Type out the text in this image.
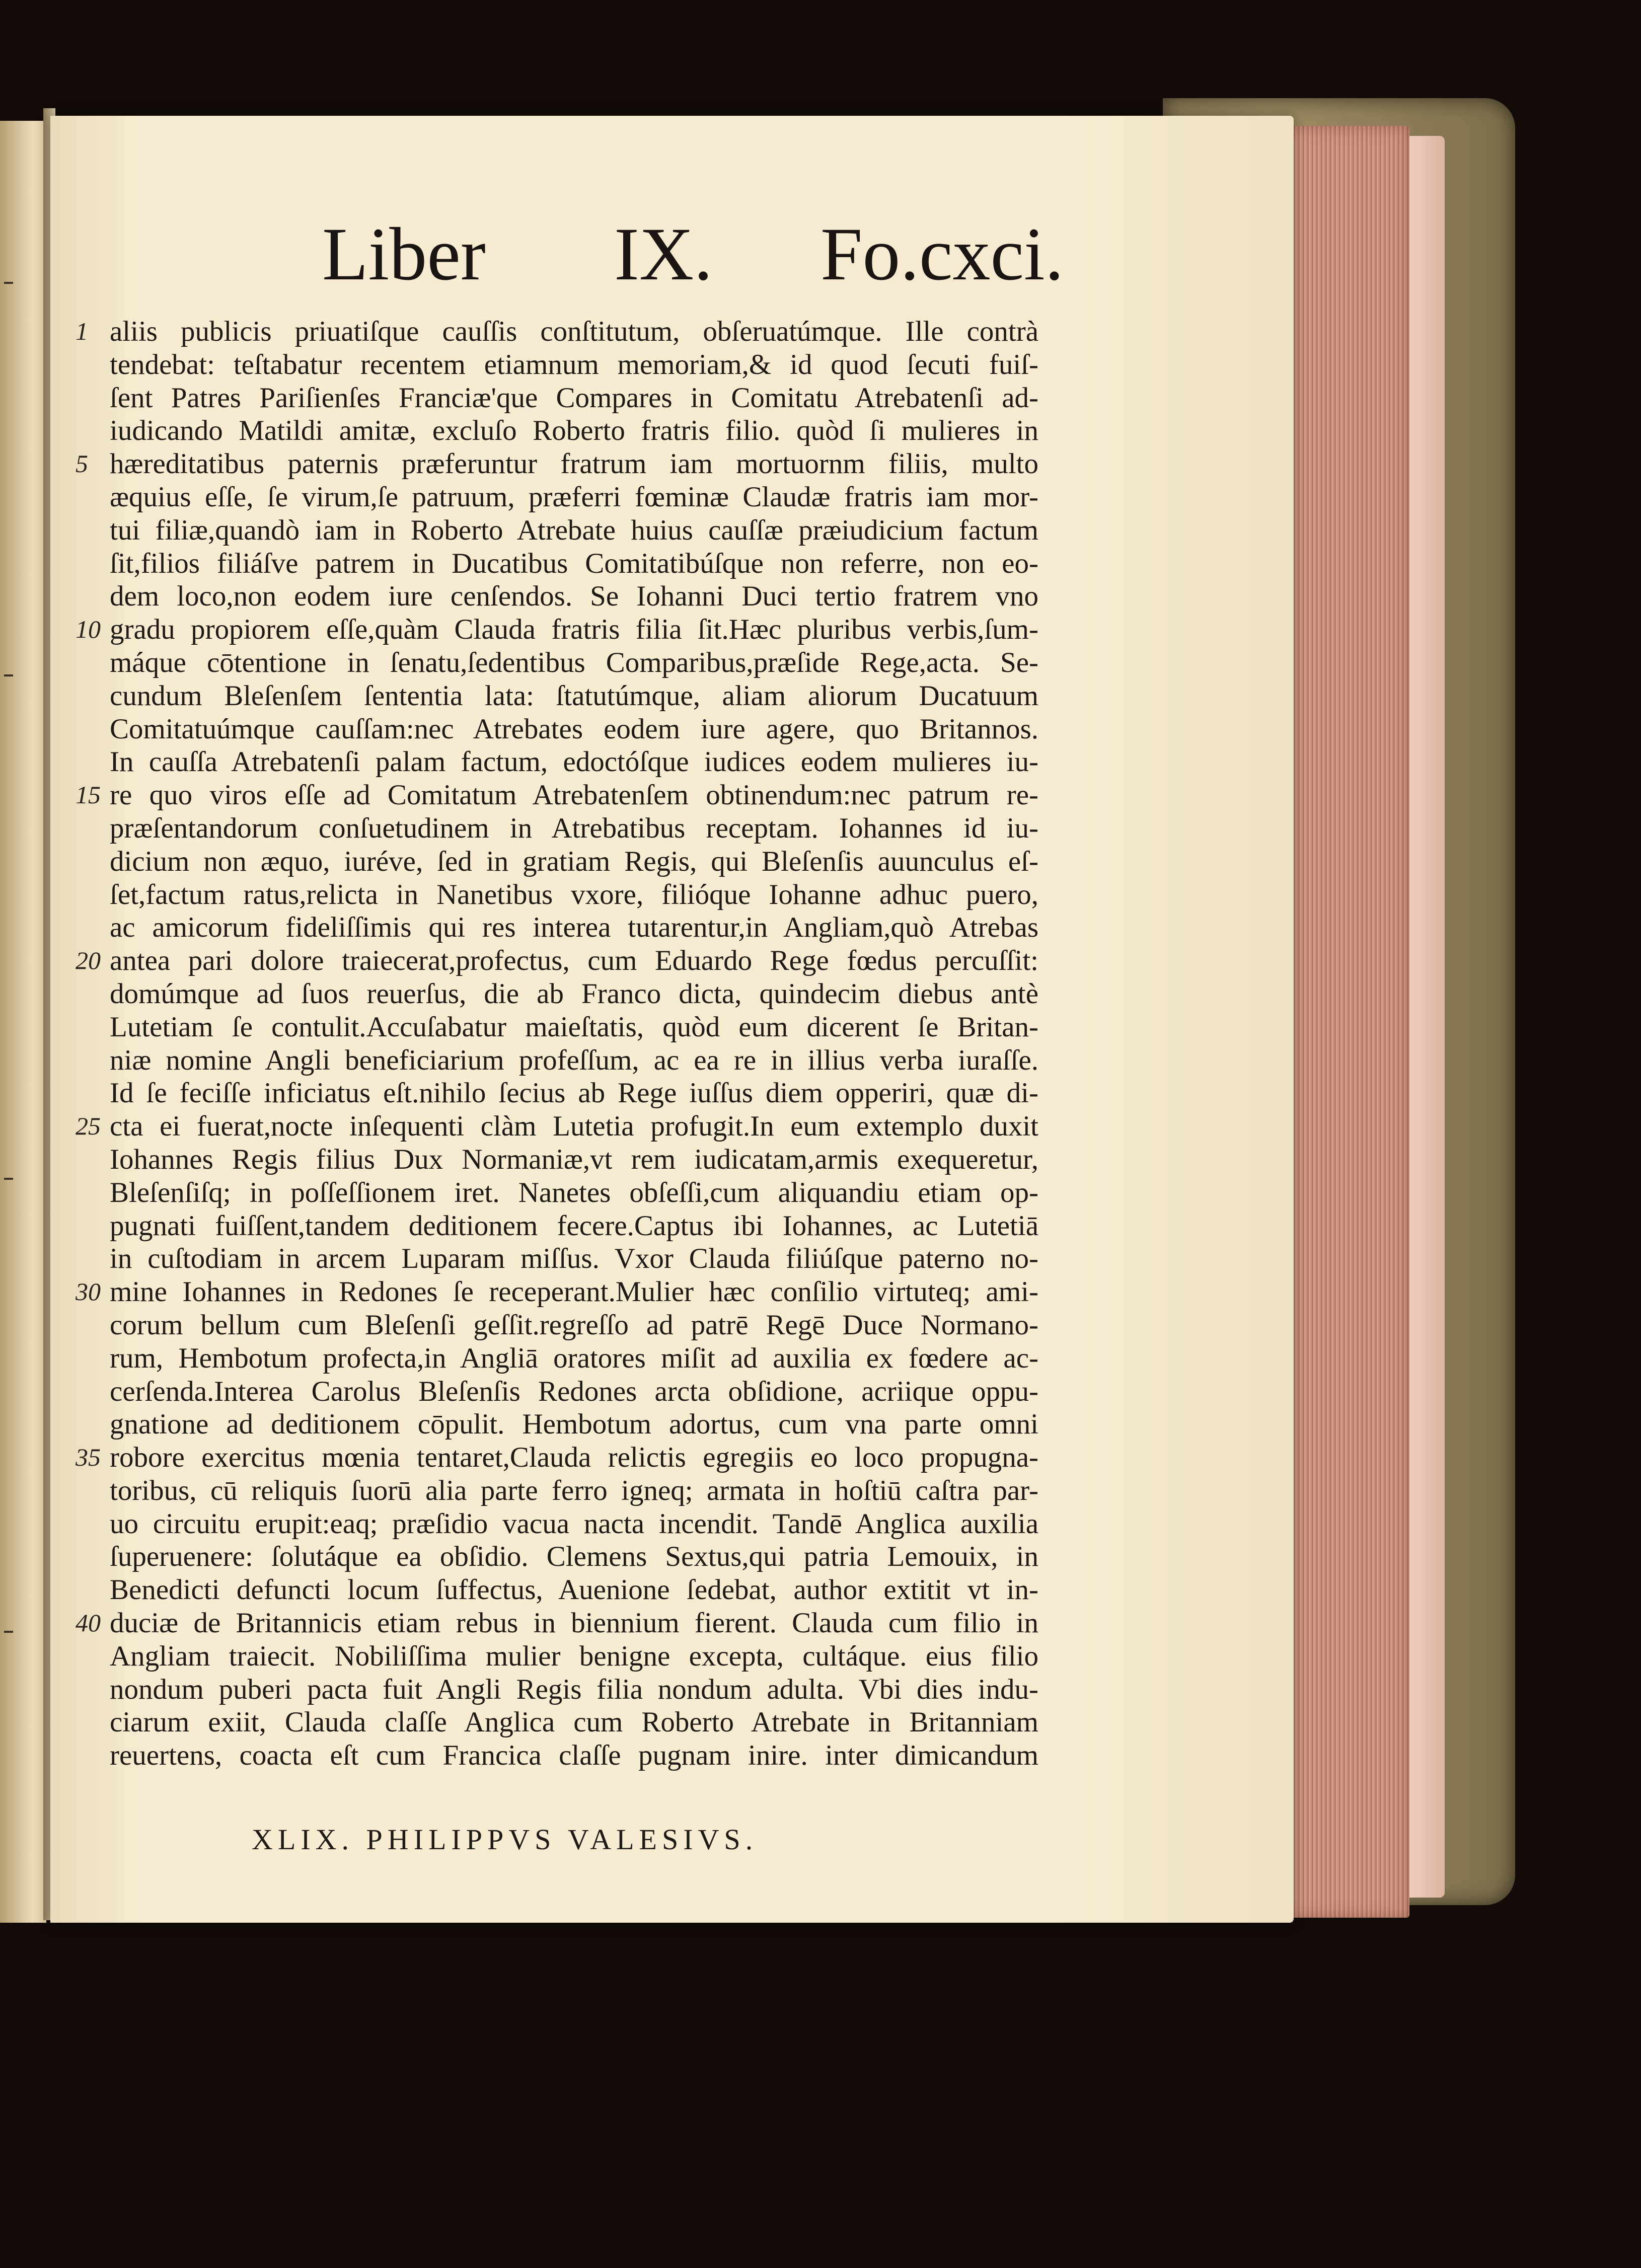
Liber IX. Fo.cxci.
1
5
10
15
20
25
30
35
40
aliis publicis priuatiſque cauſſis conſtitutum, obſeruatúmque. Ille contrà
tendebat: teſtabatur recentem etiamnum memoriam,& id quod ſecuti fuiſ-
ſent Patres Pariſienſes Franciæ'que Compares in Comitatu Atrebatenſi ad-
iudicando Matildi amitæ, excluſo Roberto fratris filio. quòd ſi mulieres in
hæreditatibus paternis præferuntur fratrum iam mortuornm filiis, multo
æquius eſſe, ſe virum,ſe patruum, præferri fœminæ Claudæ fratris iam mor-
tui filiæ,quandò iam in Roberto Atrebate huius cauſſæ præiudicium factum
ſit,filios filiáſve patrem in Ducatibus Comitatibúſque non referre, non eo-
dem loco,non eodem iure cenſendos. Se Iohanni Duci tertio fratrem vno
gradu propiorem eſſe,quàm Clauda fratris filia ſit.Hæc pluribus verbis,ſum-
máque cōtentione in ſenatu,ſedentibus Comparibus,præſide Rege,acta. Se-
cundum Bleſenſem ſententia lata: ſtatutúmque, aliam aliorum Ducatuum
Comitatuúmque cauſſam:nec Atrebates eodem iure agere, quo Britannos.
In cauſſa Atrebatenſi palam factum, edoctóſque iudices eodem mulieres iu-
re quo viros eſſe ad Comitatum Atrebatenſem obtinendum:nec patrum re-
præſentandorum conſuetudinem in Atrebatibus receptam. Iohannes id iu-
dicium non æquo, iuréve, ſed in gratiam Regis, qui Bleſenſis auunculus eſ-
ſet,factum ratus,relicta in Nanetibus vxore, filióque Iohanne adhuc puero,
ac amicorum fideliſſimis qui res interea tutarentur,in Angliam,quò Atrebas
antea pari dolore traiecerat,profectus, cum Eduardo Rege fœdus percuſſit:
domúmque ad ſuos reuerſus, die ab Franco dicta, quindecim diebus antè
Lutetiam ſe contulit.Accuſabatur maieſtatis, quòd eum dicerent ſe Britan-
niæ nomine Angli beneficiarium profeſſum, ac ea re in illius verba iuraſſe.
Id ſe feciſſe inficiatus eſt.nihilo ſecius ab Rege iuſſus diem opperiri, quæ di-
cta ei fuerat,nocte inſequenti clàm Lutetia profugit.In eum extemplo duxit
Iohannes Regis filius Dux Normaniæ,vt rem iudicatam,armis exequeretur,
Bleſenſiſq; in poſſeſſionem iret. Nanetes obſeſſi,cum aliquandiu etiam op-
pugnati fuiſſent,tandem deditionem fecere.Captus ibi Iohannes, ac Lutetiā
in cuſtodiam in arcem Luparam miſſus. Vxor Clauda filiúſque paterno no-
mine Iohannes in Redones ſe receperant.Mulier hæc conſilio virtuteq; ami-
corum bellum cum Bleſenſi geſſit.regreſſo ad patrē Regē Duce Normano-
rum, Hembotum profecta,in Angliā oratores miſit ad auxilia ex fœdere ac-
cerſenda.Interea Carolus Bleſenſis Redones arcta obſidione, acriique oppu-
gnatione ad deditionem cōpulit. Hembotum adortus, cum vna parte omni
robore exercitus mœnia tentaret,Clauda relictis egregiis eo loco propugna-
toribus, cū reliquis ſuorū alia parte ferro igneq; armata in hoſtiū caſtra par-
uo circuitu erupit:eaq; præſidio vacua nacta incendit. Tandē Anglica auxilia
ſuperuenere: ſolutáque ea obſidio. Clemens Sextus,qui patria Lemouix, in
Benedicti defuncti locum ſuffectus, Auenione ſedebat, author extitit vt in-
duciæ de Britannicis etiam rebus in biennium fierent. Clauda cum filio in
Angliam traiecit. Nobiliſſima mulier benigne excepta, cultáque. eius filio
nondum puberi pacta fuit Angli Regis filia nondum adulta. Vbi dies indu-
ciarum exiit, Clauda claſſe Anglica cum Roberto Atrebate in Britanniam
reuertens, coacta eſt cum Francica claſſe pugnam inire. inter dimicandum
XLIX. PHILIPPVS VALESIVS.
